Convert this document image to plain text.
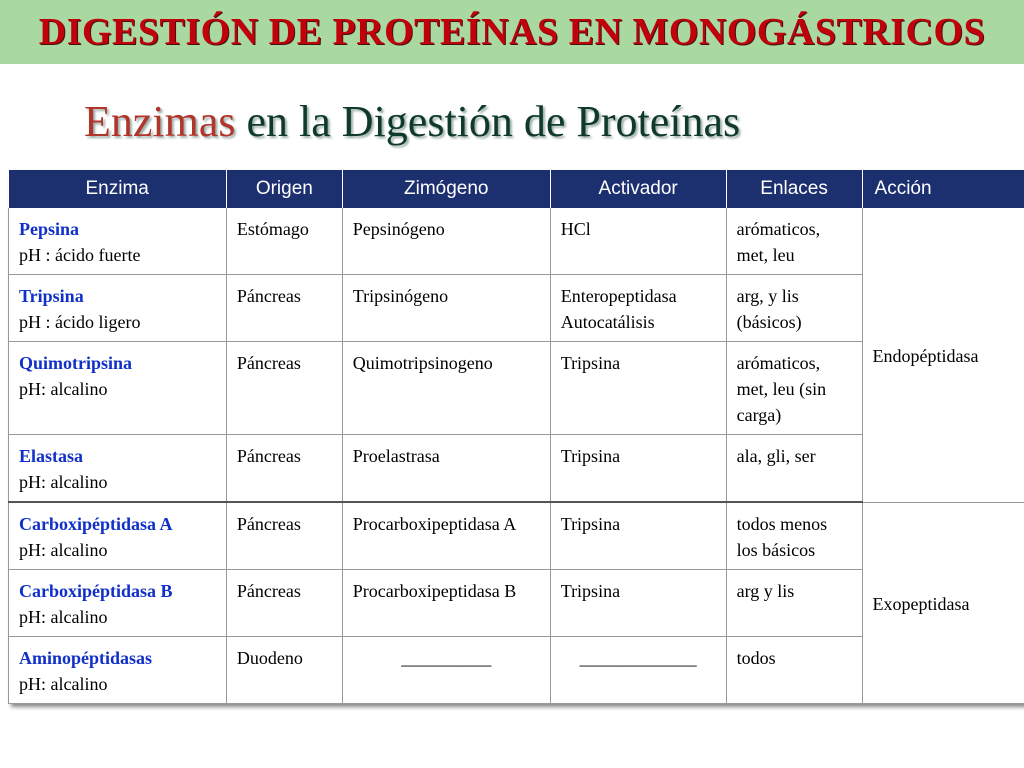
DIGESTIÓN DE PROTEÍNAS EN MONOGÁSTRICOS
Enzimas en la Digestión de Proteínas
Enzima	Origen	Zimógeno	Activador	Enlaces	Acción

Pepsina
pH : ácido fuerte	Estómago	Pepsinógeno	HCl	arómaticos, met, leu	Endopéptidasa

Tripsina
pH : ácido ligero	Páncreas	Tripsinógeno	Enteropeptidasa Autocatálisis	arg, y lis (básicos)	

Quimotripsina
pH: alcalino	Páncreas	Quimotripsinogeno	Tripsina	arómaticos, met, leu (sin carga)	

Elastasa
pH: alcalino	Páncreas	Proelastrasa	Tripsina	ala, gli, ser	

Carboxipéptidasa A
pH: alcalino	Páncreas	Procarboxipeptidasa A	Tripsina	todos menos los básicos	Exopeptidasa

Carboxipéptidasa B
pH: alcalino	Páncreas	Procarboxipeptidasa B	Tripsina	arg y lis	

Aminopéptidasas
pH: alcalino	Duodeno	__________	_____________	todos	
